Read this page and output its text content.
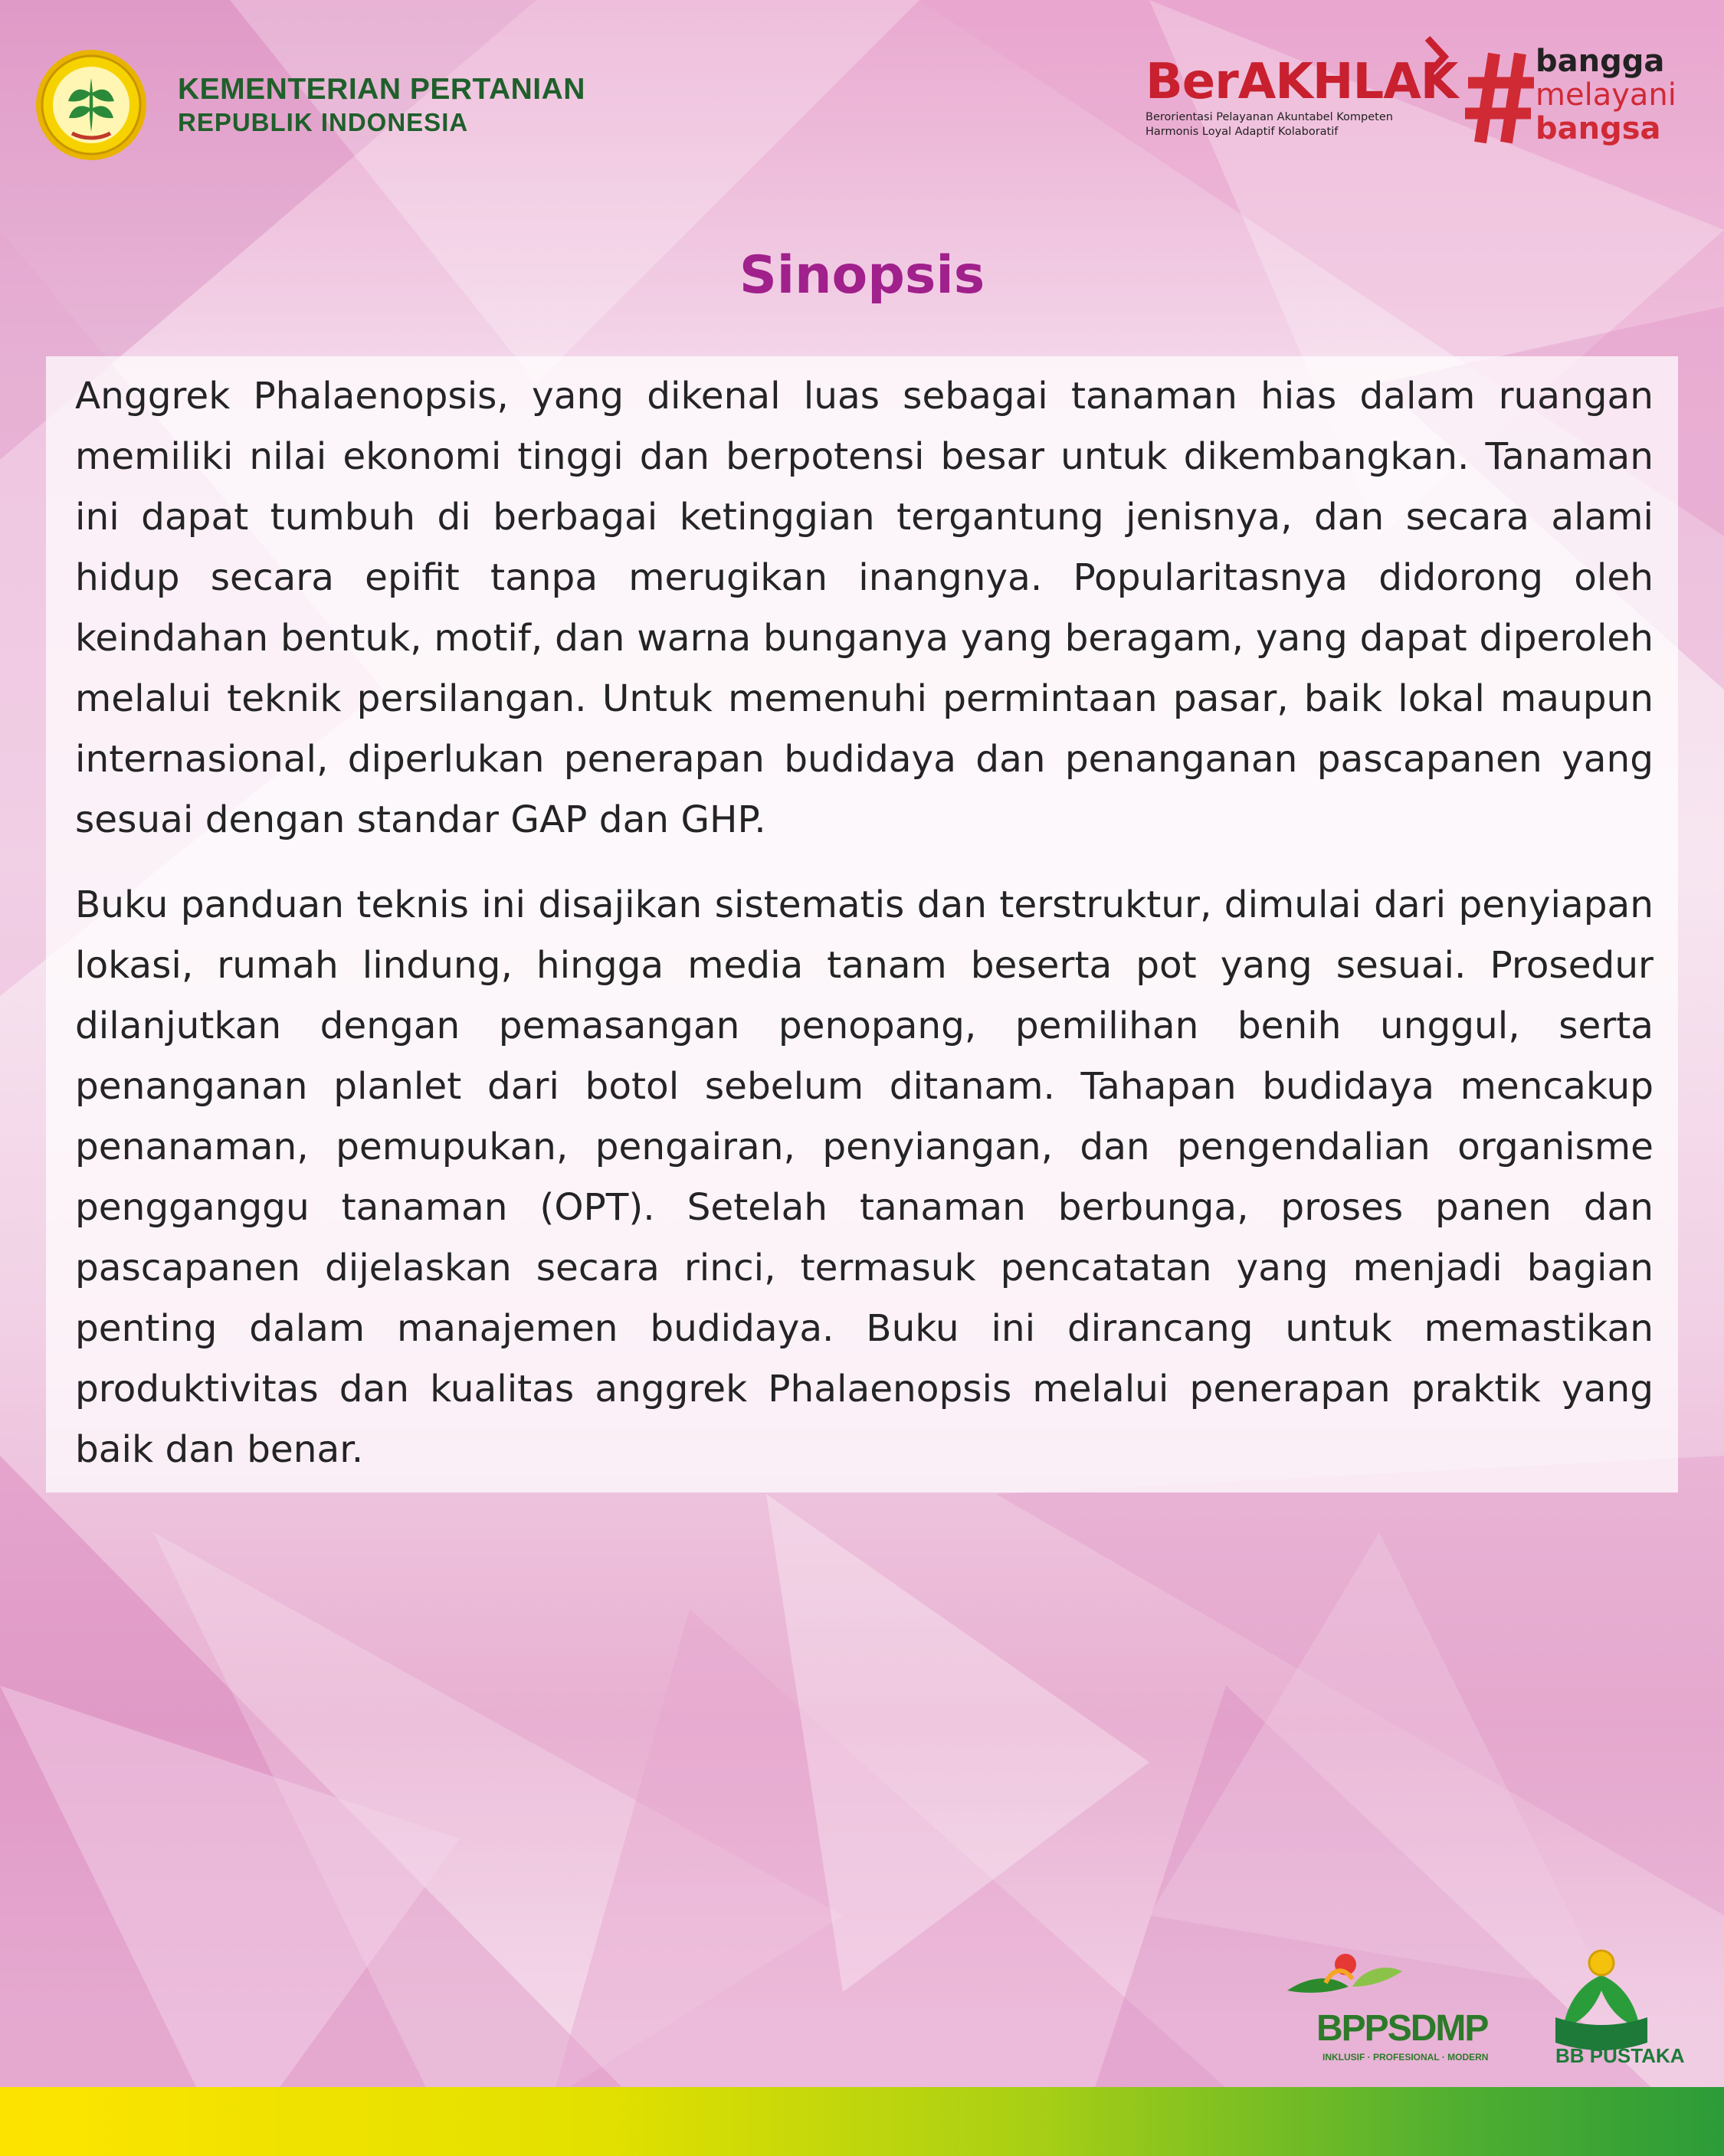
KEMENTERIAN PERTANIAN
REPUBLIK INDONESIA
BerAKHLAK
Berorientasi Pelayanan Akuntabel Kompeten
Harmonis Loyal Adaptif Kolaboratif
bangga
melayani
bangsa
Sinopsis

Anggrek Phalaenopsis, yang dikenal luas sebagai tanaman hias dalam ruangan memiliki nilai ekonomi tinggi dan berpotensi besar untuk dikembangkan. Tanaman ini dapat tumbuh di berbagai ketinggian tergantung jenisnya, dan secara alami hidup secara epifit tanpa merugikan inangnya. Popularitasnya didorong oleh keindahan bentuk, motif, dan warna bunganya yang beragam, yang dapat diperoleh melalui teknik persilangan. Untuk memenuhi permintaan pasar, baik lokal maupun internasional, diperlukan penerapan budidaya dan penanganan pascapanen yang sesuai dengan standar GAP dan GHP.

Buku panduan teknis ini disajikan sistematis dan terstruktur, dimulai dari penyiapan lokasi, rumah lindung, hingga media tanam beserta pot yang sesuai. Prosedur dilanjutkan dengan pemasangan penopang, pemilihan benih unggul, serta penanganan planlet dari botol sebelum ditanam. Tahapan budidaya mencakup penanaman, pemupukan, pengairan, penyiangan, dan pengendalian organisme pengganggu tanaman (OPT). Setelah tanaman berbunga, proses panen dan pascapanen dijelaskan secara rinci, termasuk pencatatan yang menjadi bagian penting dalam manajemen budidaya. Buku ini dirancang untuk memastikan produktivitas dan kualitas anggrek Phalaenopsis melalui penerapan praktik yang baik dan benar.

BPPSDMP
INKLUSIF · PROFESIONAL · MODERN	BB PUSTAKA
